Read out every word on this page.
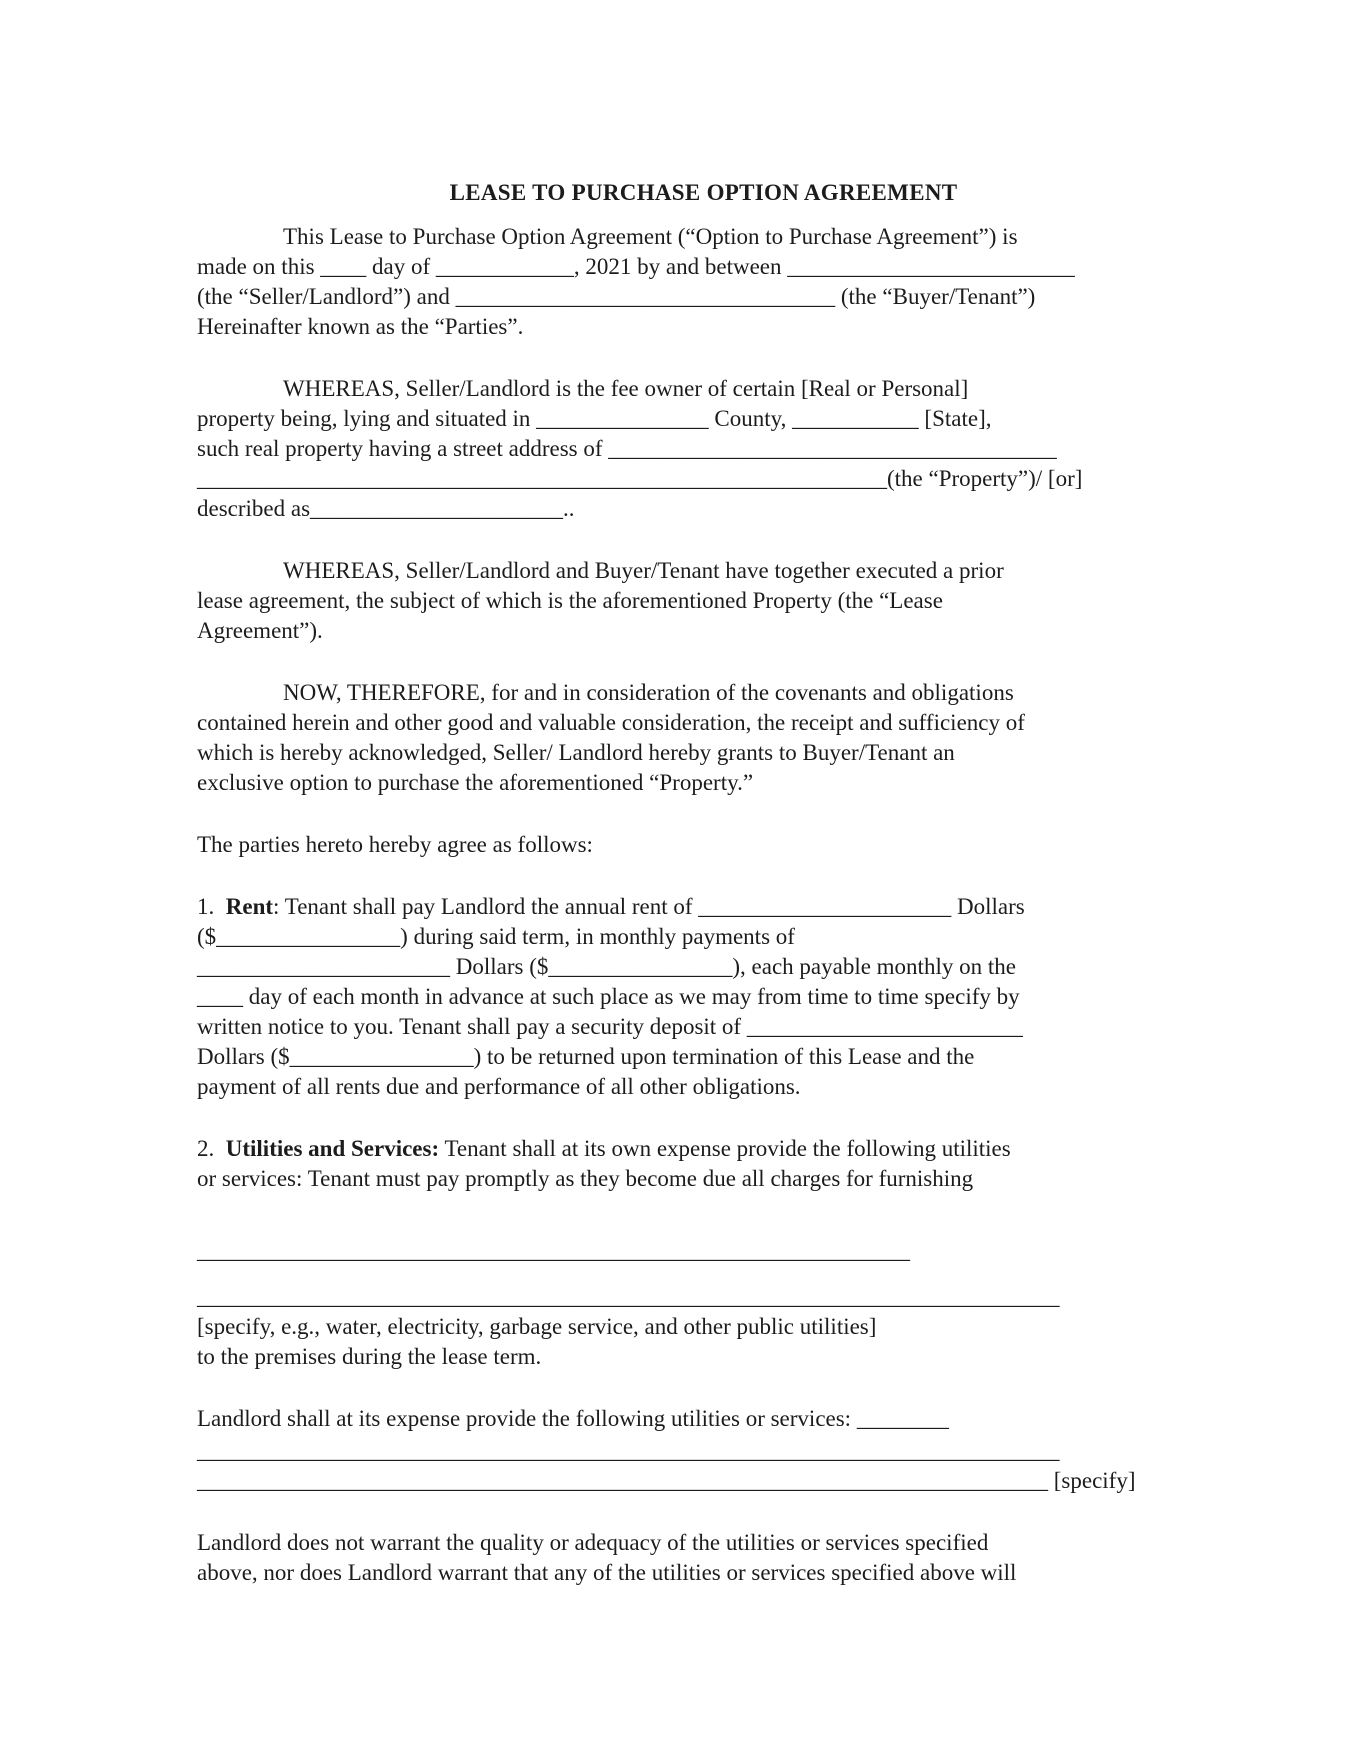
LEASE TO PURCHASE OPTION AGREEMENT
This Lease to Purchase Option Agreement (“Option to Purchase Agreement”) is
made on this ____ day of ____________, 2021 by and between _________________________
(the “Seller/Landlord”) and _________________________________ (the “Buyer/Tenant”)
Hereinafter known as the “Parties”.
WHEREAS, Seller/Landlord is the fee owner of certain [Real or Personal]
property being, lying and situated in _______________ County, ___________ [State],
such real property having a street address of _______________________________________
____________________________________________________________(the “Property”)/ [or]
described as______________________..
WHEREAS, Seller/Landlord and Buyer/Tenant have together executed a prior
lease agreement, the subject of which is the aforementioned Property (the “Lease
Agreement”).
NOW, THEREFORE, for and in consideration of the covenants and obligations
contained herein and other good and valuable consideration, the receipt and sufficiency of
which is hereby acknowledged, Seller/ Landlord hereby grants to Buyer/Tenant an
exclusive option to purchase the aforementioned “Property.”
The parties hereto hereby agree as follows:
1.  Rent: Tenant shall pay Landlord the annual rent of ______________________ Dollars
($________________) during said term, in monthly payments of
______________________ Dollars ($________________), each payable monthly on the
____ day of each month in advance at such place as we may from time to time specify by
written notice to you. Tenant shall pay a security deposit of ________________________
Dollars ($________________) to be returned upon termination of this Lease and the
payment of all rents due and performance of all other obligations.
2.  Utilities and Services: Tenant shall at its own expense provide the following utilities
or services: Tenant must pay promptly as they become due all charges for furnishing
______________________________________________________________
___________________________________________________________________________
[specify, e.g., water, electricity, garbage service, and other public utilities]
to the premises during the lease term.
Landlord shall at its expense provide the following utilities or services: ________
___________________________________________________________________________
__________________________________________________________________________ [specify]
Landlord does not warrant the quality or adequacy of the utilities or services specified
above, nor does Landlord warrant that any of the utilities or services specified above will
